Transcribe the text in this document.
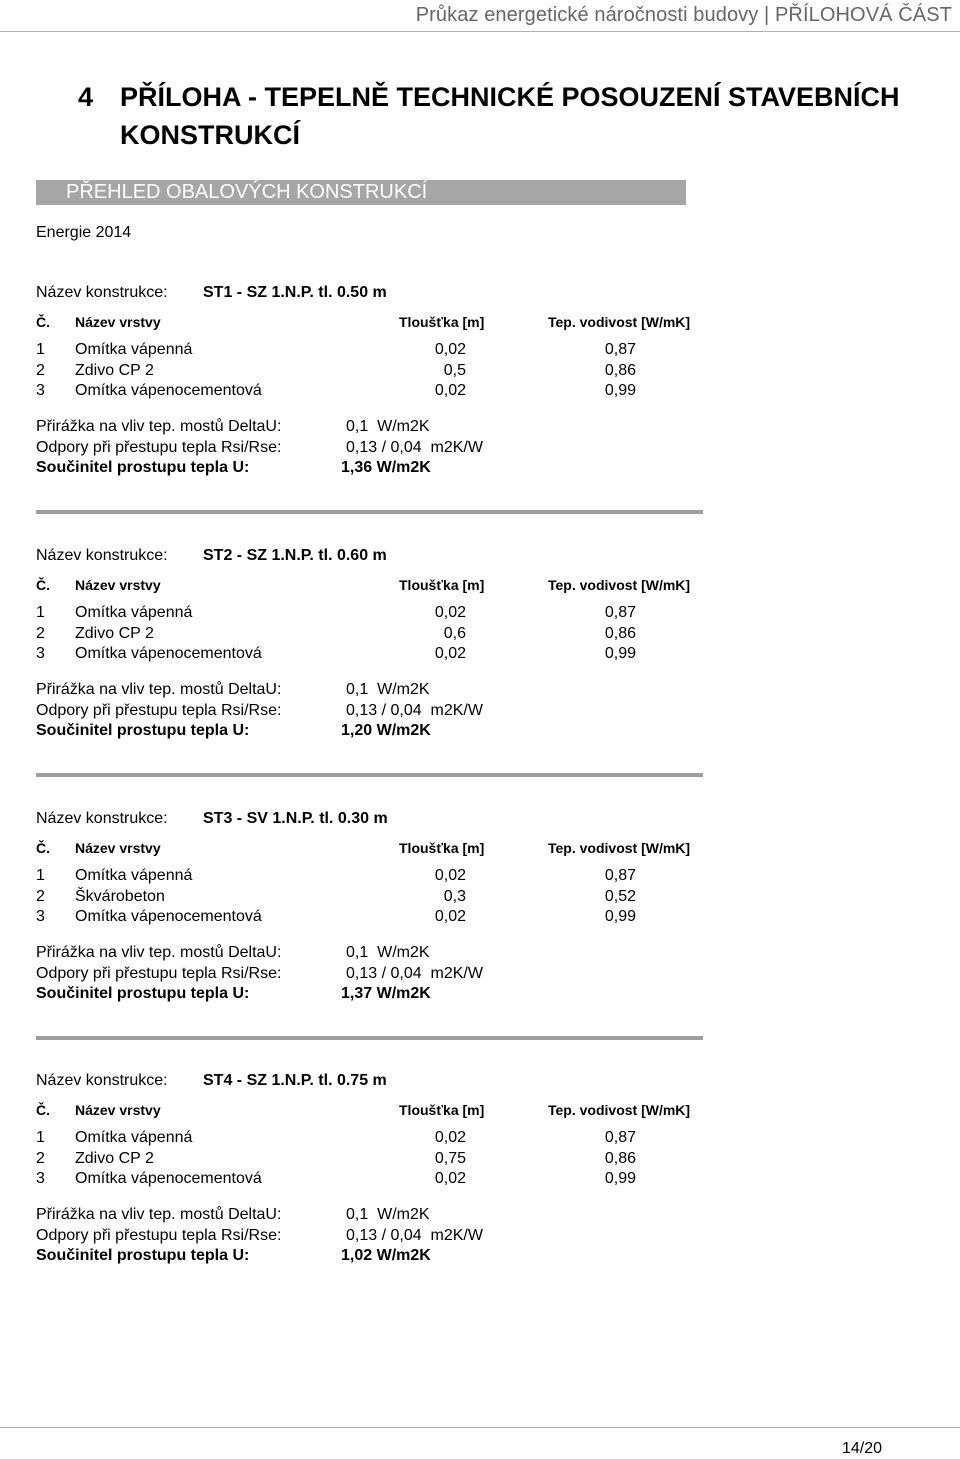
Průkaz energetické náročnosti budovy | PŘÍLOHOVÁ ČÁST
4 PŘÍLOHA - TEPELNĚ TECHNICKÉ POSOUZENÍ STAVEBNÍCH
KONSTRUKCÍ
PŘEHLED OBALOVÝCH KONSTRUKCÍ
Energie 2014
Název konstrukce: ST1 - SZ 1.N.P. tl. 0.50 m
Č. Název vrstvy	Tloušťka [m]	Tep. vodivost [W/mK]
1 Omítka vápenná	0,02	0,87
2 Zdivo CP 2	0,5	0,86
3 Omítka vápenocementová	0,02	0,99
Přirážka na vliv tep. mostů DeltaU:	0,1  W/m2K
Odpory při přestupu tepla Rsi/Rse:	0,13 / 0,04  m2K/W
Součinitel prostupu tepla U:	1,36 W/m2K
Název konstrukce: ST2 - SZ 1.N.P. tl. 0.60 m
Č. Název vrstvy	Tloušťka [m]	Tep. vodivost [W/mK]
1 Omítka vápenná	0,02	0,87
2 Zdivo CP 2	0,6	0,86
3 Omítka vápenocementová	0,02	0,99
Přirážka na vliv tep. mostů DeltaU:	0,1  W/m2K
Odpory při přestupu tepla Rsi/Rse:	0,13 / 0,04  m2K/W
Součinitel prostupu tepla U:	1,20 W/m2K
Název konstrukce: ST3 - SV 1.N.P. tl. 0.30 m
Č. Název vrstvy	Tloušťka [m]	Tep. vodivost [W/mK]
1 Omítka vápenná	0,02	0,87
2 Škvárobeton	0,3	0,52
3 Omítka vápenocementová	0,02	0,99
Přirážka na vliv tep. mostů DeltaU:	0,1  W/m2K
Odpory při přestupu tepla Rsi/Rse:	0,13 / 0,04  m2K/W
Součinitel prostupu tepla U:	1,37 W/m2K
Název konstrukce: ST4 - SZ 1.N.P. tl. 0.75 m
Č. Název vrstvy	Tloušťka [m]	Tep. vodivost [W/mK]
1 Omítka vápenná	0,02	0,87
2 Zdivo CP 2	0,75	0,86
3 Omítka vápenocementová	0,02	0,99
Přirážka na vliv tep. mostů DeltaU:	0,1  W/m2K
Odpory při přestupu tepla Rsi/Rse:	0,13 / 0,04  m2K/W
Součinitel prostupu tepla U:	1,02 W/m2K
14/20
